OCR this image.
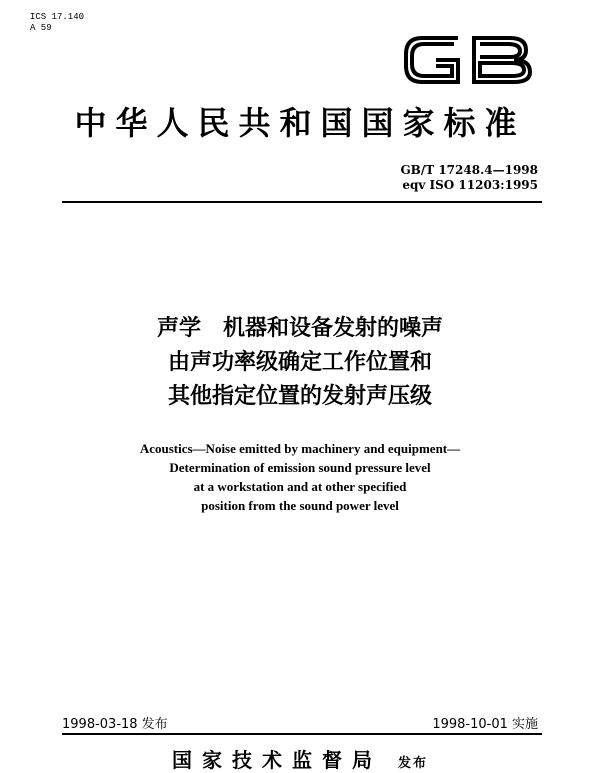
ICS 17.140
A 59
中华人民共和国国家标准
GB/T 17248.4—1998
eqv ISO 11203:1995
声学　机器和设备发射的噪声
由声功率级确定工作位置和
其他指定位置的发射声压级
Acoustics—Noise emitted by machinery and equipment—
Determination of emission sound pressure level
at a workstation and at other specified
position from the sound power level
1998-03-18 发布	1998-10-01 实施
国家技术监督局 发布
